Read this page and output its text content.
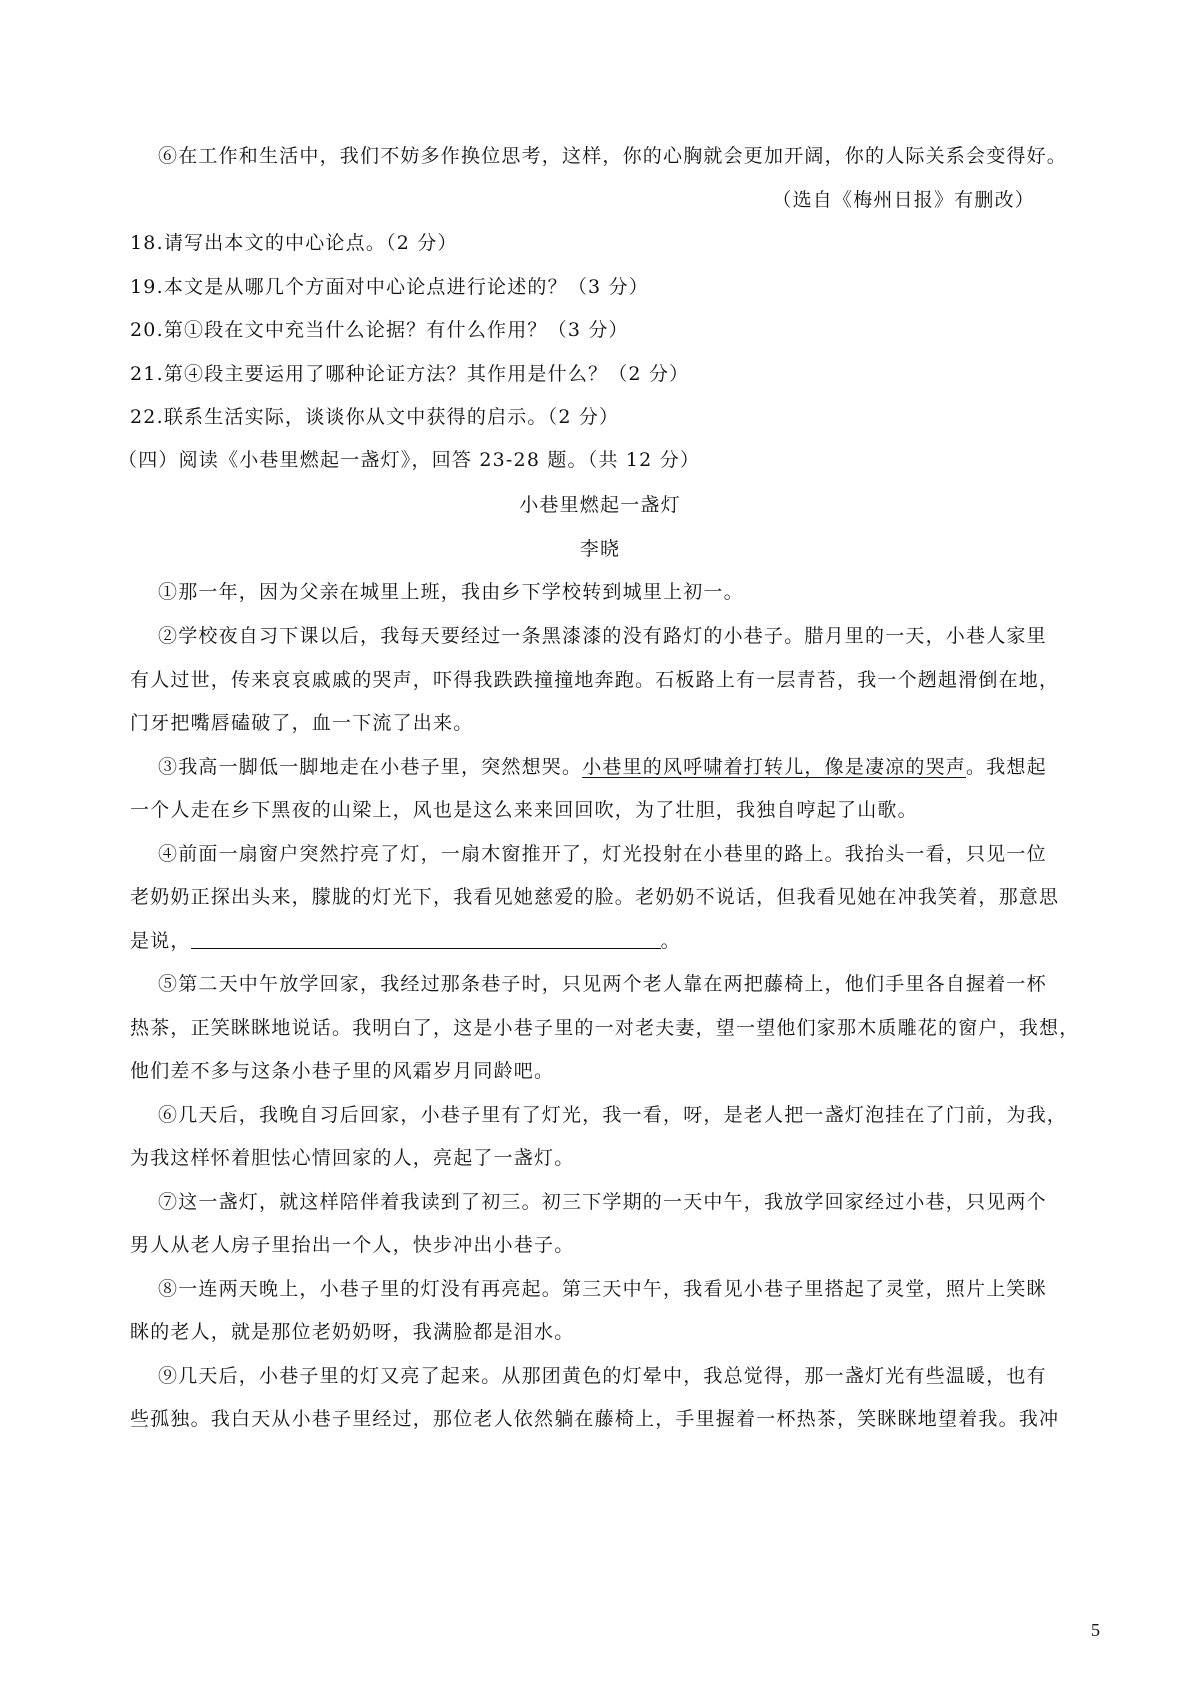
⑥在工作和生活中，我们不妨多作换位思考，这样，你的心胸就会更加开阔，你的人际关系会变得好。
（选自《梅州日报》有删改）
18.请写出本文的中心论点。（2 分）
19.本文是从哪几个方面对中心论点进行论述的？（3 分）
20.第①段在文中充当什么论据？有什么作用？（3 分）
21.第④段主要运用了哪种论证方法？其作用是什么？（2 分）
22.联系生活实际，谈谈你从文中获得的启示。（2 分）
（四）阅读《小巷里燃起一盏灯》，回答 23-28 题。（共 12 分）
小巷里燃起一盏灯
李晓
①那一年，因为父亲在城里上班，我由乡下学校转到城里上初一。
②学校夜自习下课以后，我每天要经过一条黑漆漆的没有路灯的小巷子。腊月里的一天，小巷人家里
有人过世，传来哀哀戚戚的哭声，吓得我跌跌撞撞地奔跑。石板路上有一层青苔，我一个趔趄滑倒在地，
门牙把嘴唇磕破了，血一下流了出来。
③我高一脚低一脚地走在小巷子里，突然想哭。小巷里的风呼啸着打转儿，像是凄凉的哭声。我想起
一个人走在乡下黑夜的山梁上，风也是这么来来回回吹，为了壮胆，我独自哼起了山歌。
④前面一扇窗户突然拧亮了灯，一扇木窗推开了，灯光投射在小巷里的路上。我抬头一看，只见一位
老奶奶正探出头来，朦胧的灯光下，我看见她慈爱的脸。老奶奶不说话，但我看见她在冲我笑着，那意思
是说，	。
⑤第二天中午放学回家，我经过那条巷子时，只见两个老人靠在两把藤椅上，他们手里各自握着一杯
热茶，正笑眯眯地说话。我明白了，这是小巷子里的一对老夫妻，望一望他们家那木质雕花的窗户，我想，
他们差不多与这条小巷子里的风霜岁月同龄吧。
⑥几天后，我晚自习后回家，小巷子里有了灯光，我一看，呀，是老人把一盏灯泡挂在了门前，为我，
为我这样怀着胆怯心情回家的人，亮起了一盏灯。
⑦这一盏灯，就这样陪伴着我读到了初三。初三下学期的一天中午，我放学回家经过小巷，只见两个
男人从老人房子里抬出一个人，快步冲出小巷子。
⑧一连两天晚上，小巷子里的灯没有再亮起。第三天中午，我看见小巷子里搭起了灵堂，照片上笑眯
眯的老人，就是那位老奶奶呀，我满脸都是泪水。
⑨几天后，小巷子里的灯又亮了起来。从那团黄色的灯晕中，我总觉得，那一盏灯光有些温暖，也有
些孤独。我白天从小巷子里经过，那位老人依然躺在藤椅上，手里握着一杯热茶，笑眯眯地望着我。我冲
5
